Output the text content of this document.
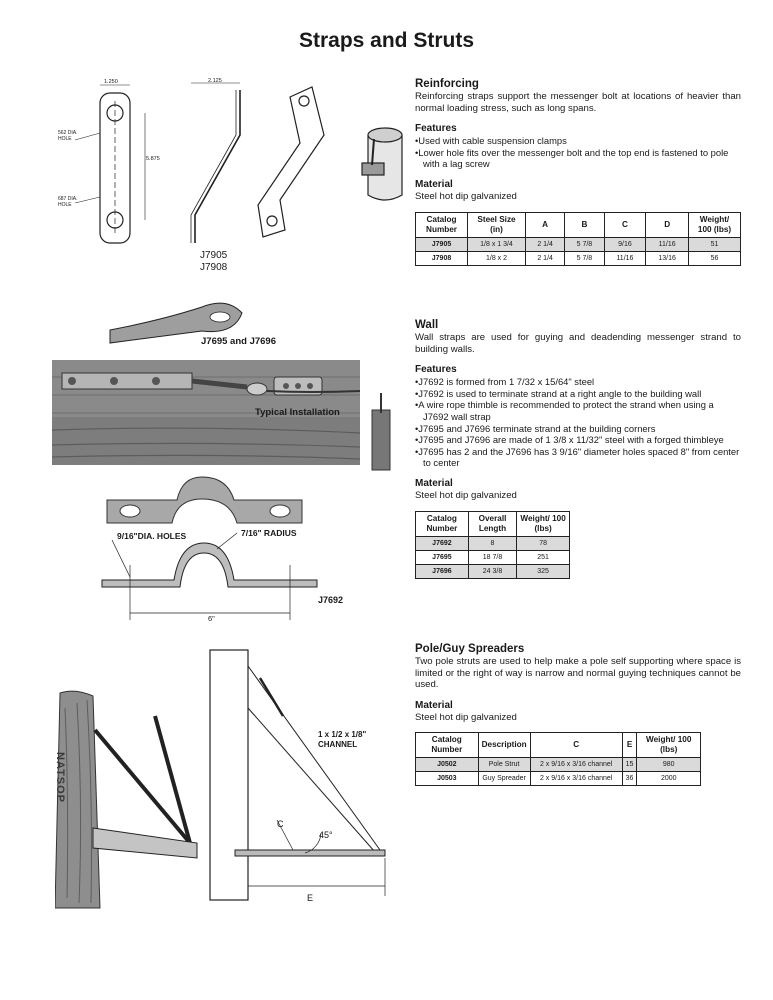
Straps and Struts
Reinforcing

Reinforcing straps support the messenger bolt at locations of heavier than normal loading stress, such as long spans.

Features
• Used with cable suspension clamps
• Lower hole fits over the messenger bolt and the top end is fastened to pole with a lag screw
Material

Steel hot dip galvanized

Catalog Number	Steel Size (in)	A	B	C	D	Weight/ 100 (lbs)
J7905	1/8 x 1 3/4	2 1/4	5 7/8	9/16	11/16	51
J7908	1/8 x 2	2 1/4	5 7/8	11/16	13/16	56
Wall

Wall straps are used for guying and deadending messenger strand to building walls.

Features
• J7692 is formed from 1 7/32 x 15/64" steel
• J7692 is used to terminate strand at a right angle to the building wall
• A wire rope thimble is recommended to protect the strand when using a J7692 wall strap
• J7695 and J7696 terminate strand at the building corners
• J7695 and J7696 are made of 1 3/8 x 11/32" steel with a forged thimbleye
• J7695 has 2 and the J7696 has 3 9/16" diameter holes spaced 8" from center to center
Material

Steel hot dip galvanized

Catalog Number	Overall Length	Weight/ 100 (lbs)
J7692	8	78
J7695	18 7/8	251
J7696	24 3/8	325
Pole/Guy Spreaders

Two pole struts are used to help make a pole self supporting where space is limited or the right of way is narrow and normal guying techniques cannot be used.

Material

Steel hot dip galvanized

Catalog Number	Description	C	E	Weight/ 100 (lbs)
J0502	Pole Strut	2 x 9/16 x 3/16 channel	15	980
J0503	Guy Spreader	2 x 9/16 x 3/16 channel	36	2000
1.250	2.125
5.875
562 DIA. HOLE
687 DIA. HOLE
J7905
J7908
J7695 and J7696
Typical Installation
9/16"DIA. HOLES	7/16" RADIUS
J7692
6"
1 x 1/2 x 1/8" CHANNEL
C
45°
E
NATSOP
